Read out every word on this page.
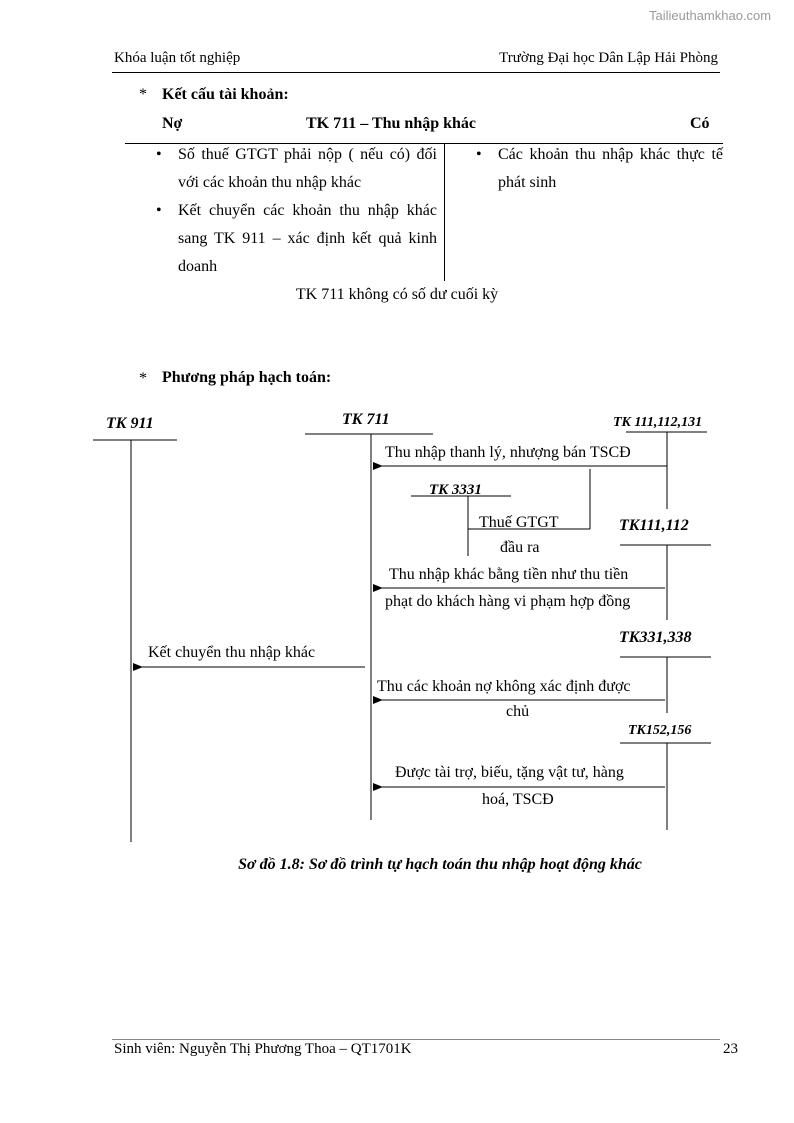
Tailieuthamkhao.com
Khóa luận tốt nghiệp	Trường Đại học Dân Lập Hải Phòng
* Kết cấu tài khoản:
Nợ	TK 711 – Thu nhập khác	Có
• Số thuế GTGT phải nộp ( nếu có) đối với các khoản thu nhập khác
• Kết chuyển các khoản thu nhập khác sang TK 911 – xác định kết quả kinh doanh
• Các khoản thu nhập khác thực tế phát sinh
TK 711 không có số dư cuối kỳ
* Phương pháp hạch toán:
TK 911	TK 711	TK 111,112,131
Thu nhập thanh lý, nhượng bán TSCĐ
TK 3331
Thuế GTGT
đầu ra
TK111,112
Thu nhập khác bằng tiền như thu tiền
phạt do khách hàng vi phạm hợp đồng
TK331,338
Kết chuyển thu nhập khác
Thu các khoản nợ không xác định được
chủ
TK152,156
Được tài trợ, biếu, tặng vật tư, hàng
hoá, TSCĐ
Sơ đồ 1.8: Sơ đồ trình tự hạch toán thu nhập hoạt động khác
Sinh viên: Nguyễn Thị Phương Thoa – QT1701K	23
